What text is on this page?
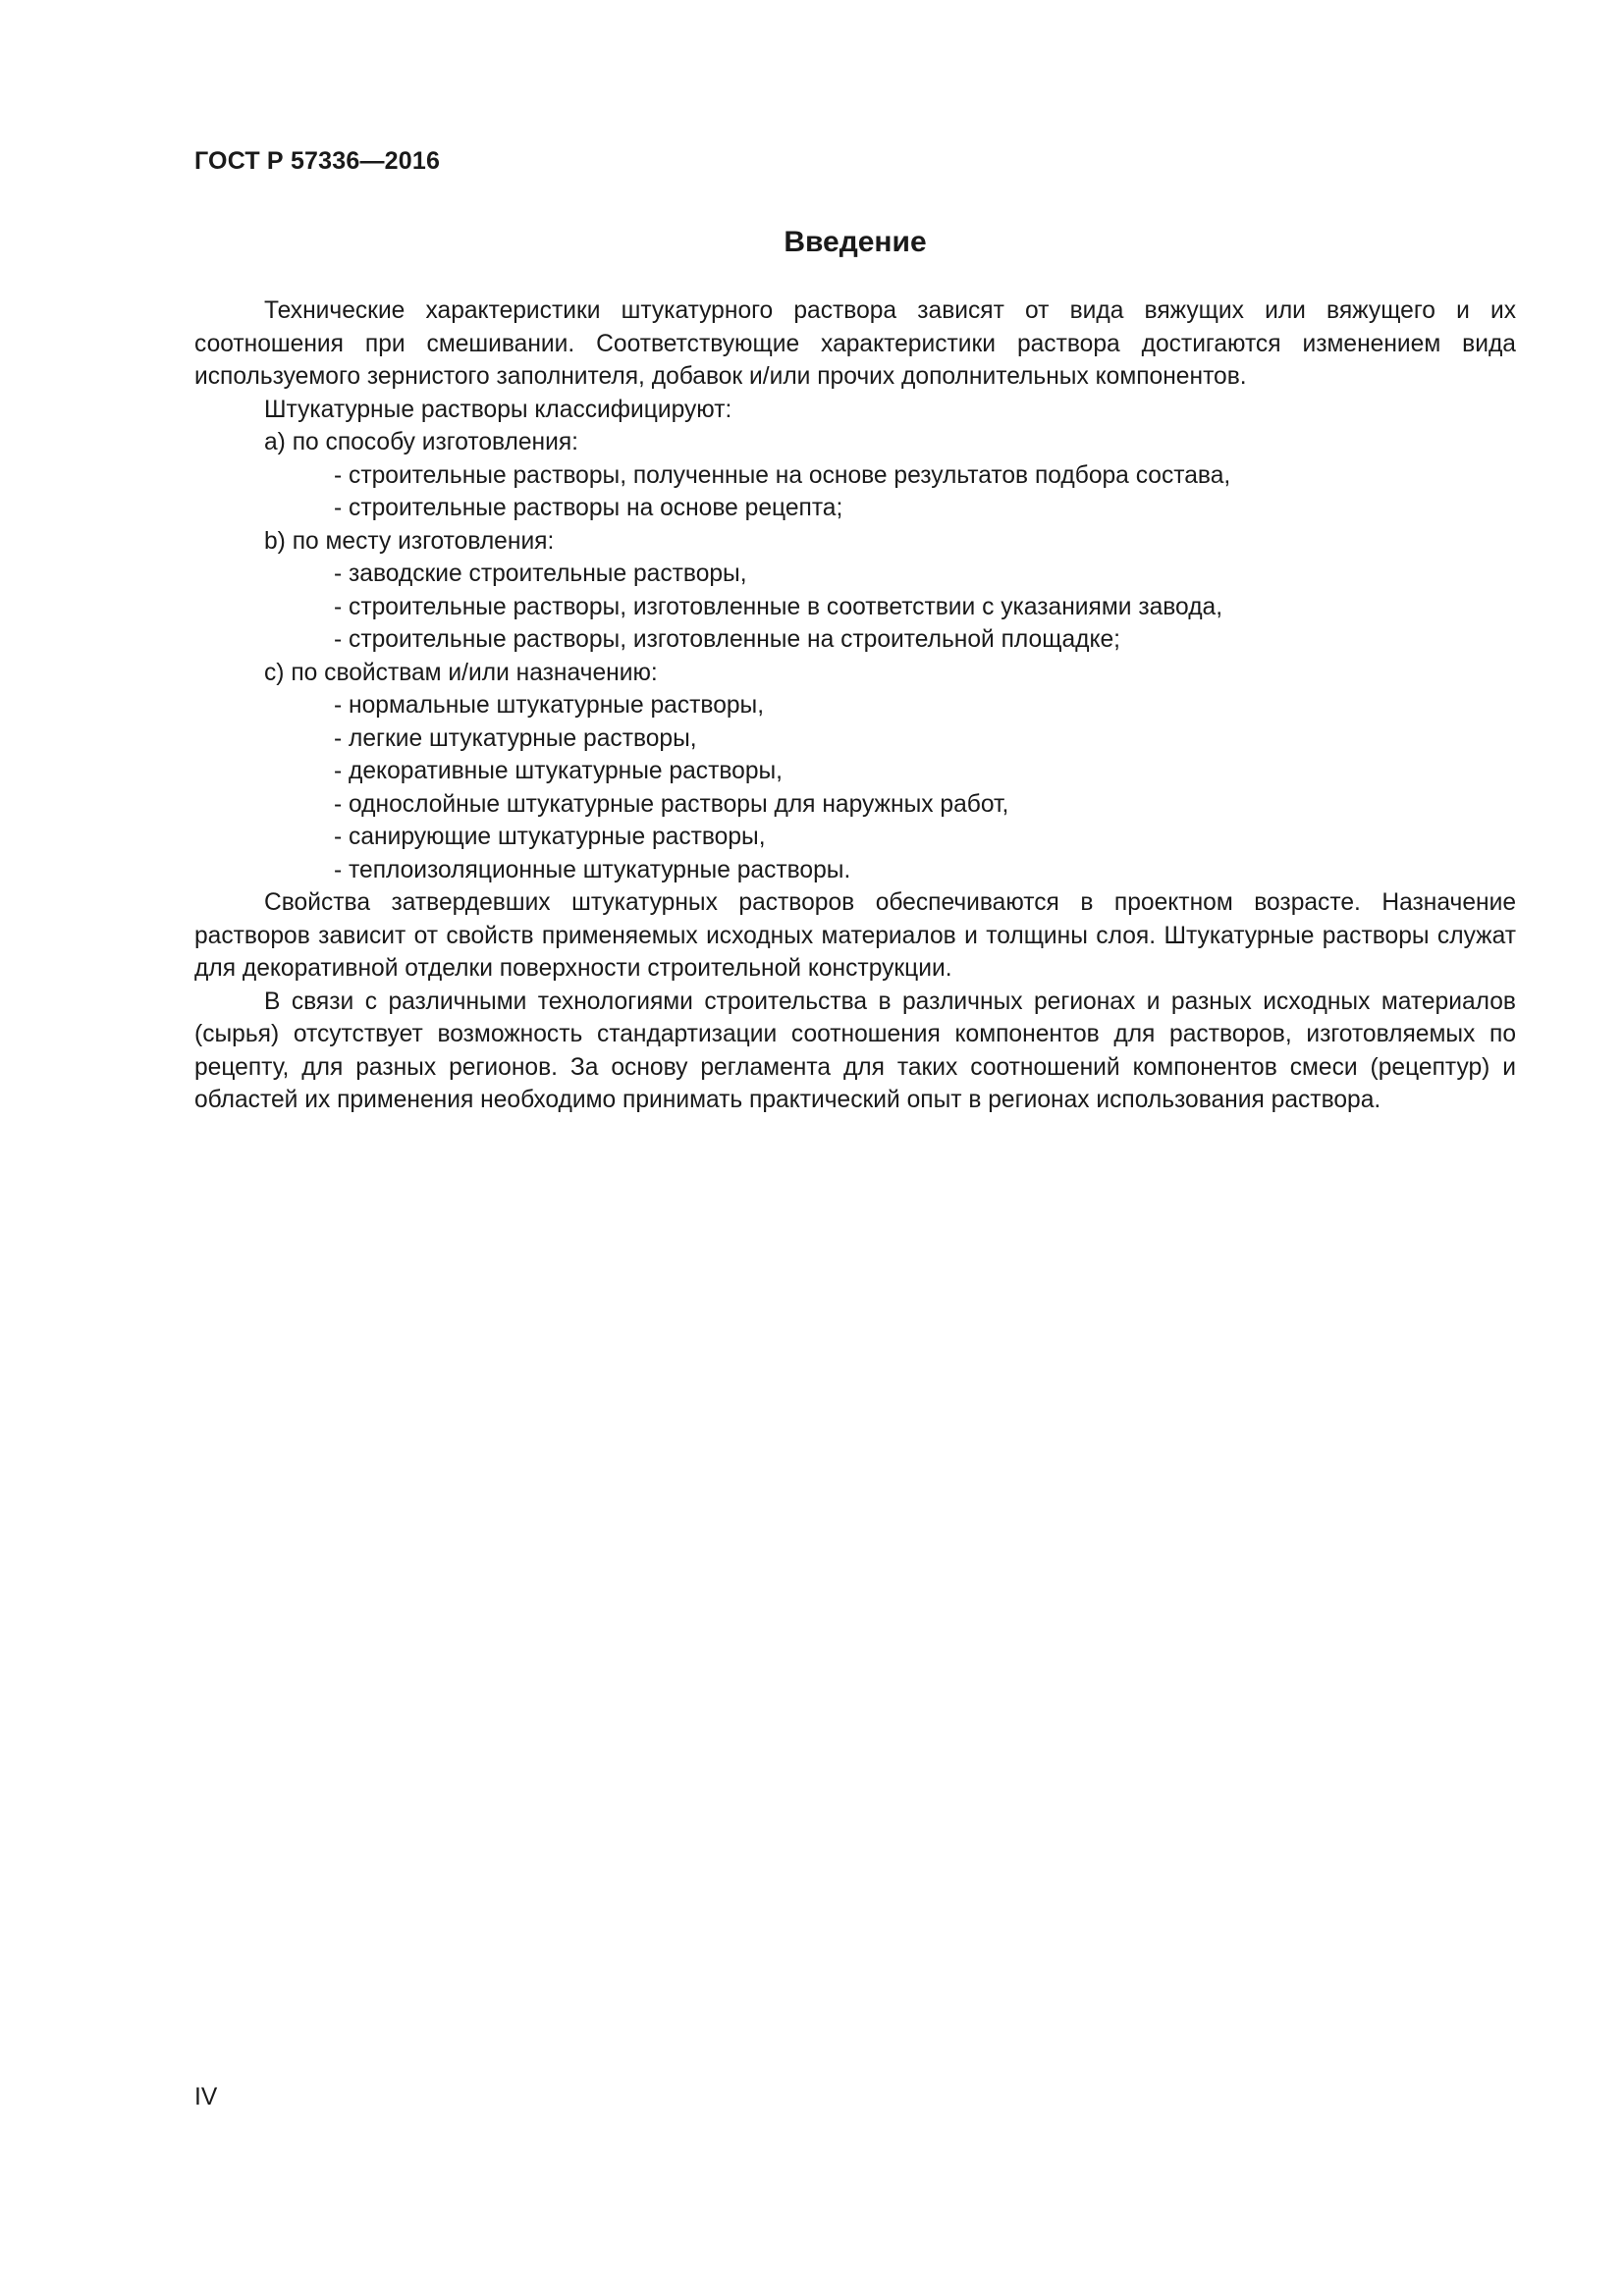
ГОСТ Р 57336—2016
Введение

Технические характеристики штукатурного раствора зависят от вида вяжущих или вяжущего и их соотношения при смешивании. Соответствующие характеристики раствора достигаются изменением вида используемого зернистого заполнителя, добавок и/или прочих дополнительных компонентов.

Штукатурные растворы классифицируют:

а) по способу изготовления:

- строительные растворы, полученные на основе результатов подбора состава,

- строительные растворы на основе рецепта;

b) по месту изготовления:

- заводские строительные растворы,

- строительные растворы, изготовленные в соответствии с указаниями завода,

- строительные растворы, изготовленные на строительной площадке;

с) по свойствам и/или назначению:

- нормальные штукатурные растворы,

- легкие штукатурные растворы,

- декоративные штукатурные растворы,

- однослойные штукатурные растворы для наружных работ,

- санирующие штукатурные растворы,

- теплоизоляционные штукатурные растворы.

Свойства затвердевших штукатурных растворов обеспечиваются в проектном возрасте. Назначение растворов зависит от свойств применяемых исходных материалов и толщины слоя. Штукатурные растворы служат для декоративной отделки поверхности строительной конструкции.

В связи с различными технологиями строительства в различных регионах и разных исходных материалов (сырья) отсутствует возможность стандартизации соотношения компонентов для растворов, изготовляемых по рецепту, для разных регионов. За основу регламента для таких соотношений компонентов смеси (рецептур) и областей их применения необходимо принимать практический опыт в регионах использования раствора.

IV
